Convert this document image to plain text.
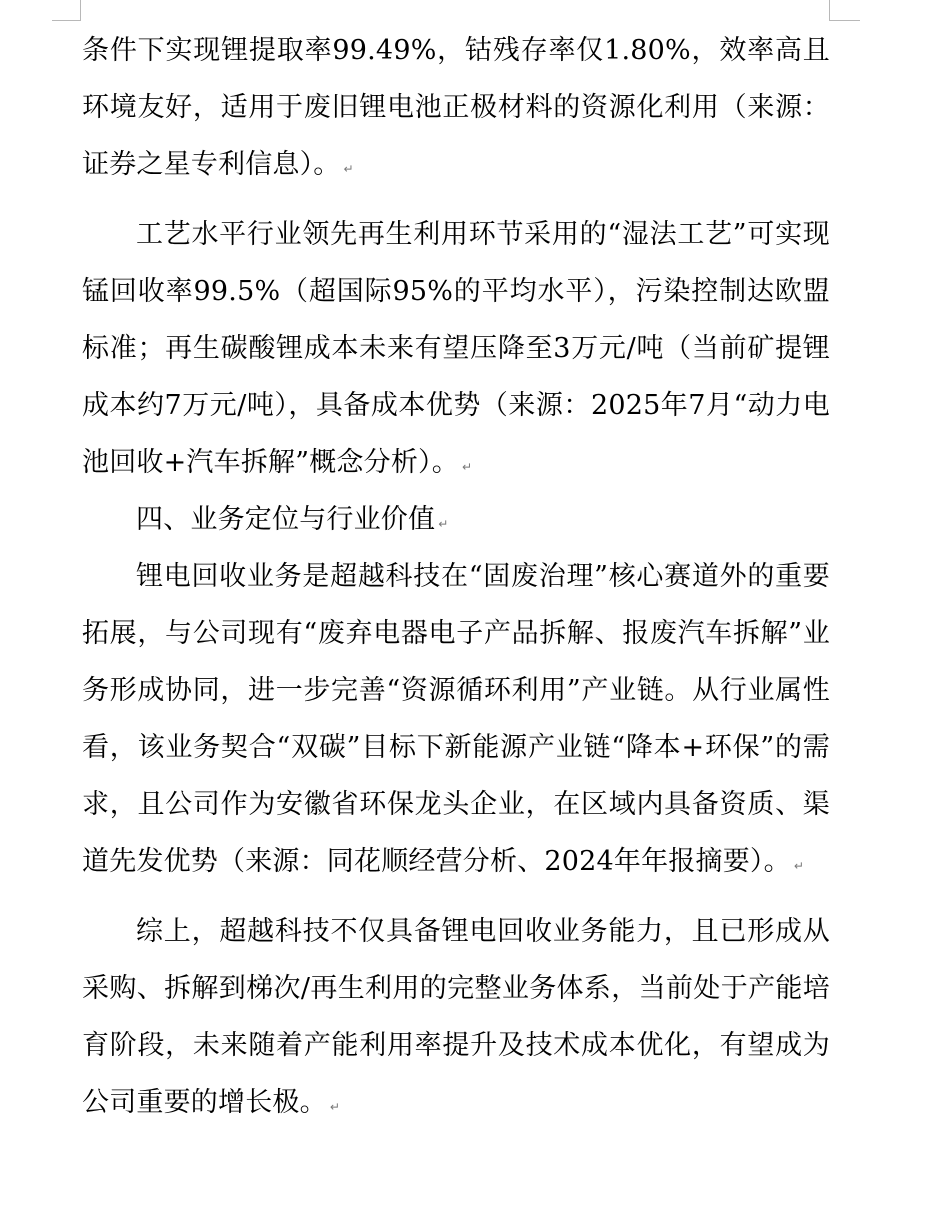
条件下实现锂提取率99.49%，钴残存率仅1.80%，效率高且环境友好，适用于废旧锂电池正极材料的资源化利用（来源：证券之星专利信息）。 ↵

工艺水平行业领先再生利用环节采用的“湿法工艺”可实现锰回收率99.5%（超国际95%的平均水平），污染控制达欧盟标准；再生碳酸锂成本未来有望压降至3万元/吨（当前矿提锂成本约7万元/吨），具备成本优势（来源：2025年7月“动力电池回收+汽车拆解”概念分析）。 ↵

四、业务定位与行业价值 ↵

锂电回收业务是超越科技在“固废治理”核心赛道外的重要拓展，与公司现有“废弃电器电子产品拆解、报废汽车拆解”业务形成协同，进一步完善“资源循环利用”产业链。从行业属性看，该业务契合“双碳”目标下新能源产业链“降本+环保”的需求，且公司作为安徽省环保龙头企业，在区域内具备资质、渠道先发优势（来源：同花顺经营分析、2024年年报摘要）。 ↵

综上，超越科技不仅具备锂电回收业务能力，且已形成从采购、拆解到梯次/再生利用的完整业务体系，当前处于产能培育阶段，未来随着产能利用率提升及技术成本优化，有望成为公司重要的增长极。 ↵
